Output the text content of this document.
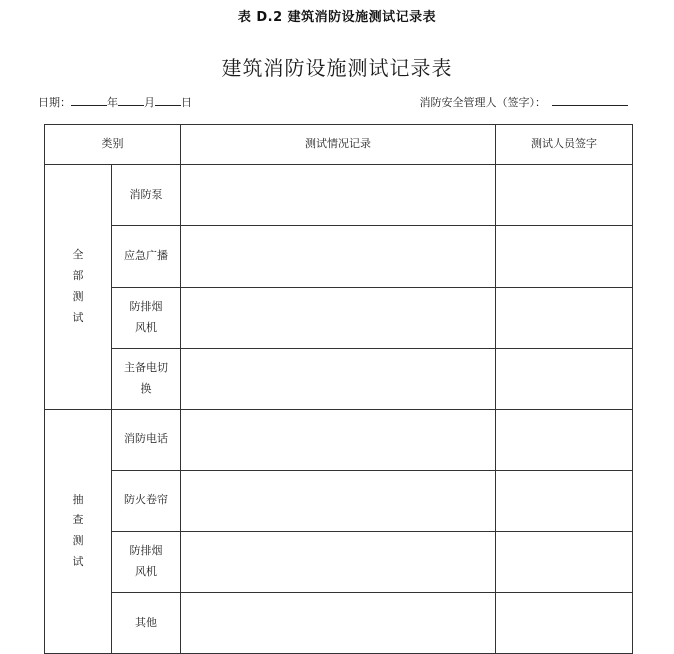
表 D.2 建筑消防设施测试记录表
建筑消防设施测试记录表
日期：	年 月 日	消防安全管理人（签字）：
类别		测试情况记录	测试人员签字

全
部
测
试	消防泵		

	应急广播		

	防排烟
风机		

	主备电切
换		

抽
查
测
试	消防电话		

	防火卷帘		

	防排烟
风机		

	其他		
